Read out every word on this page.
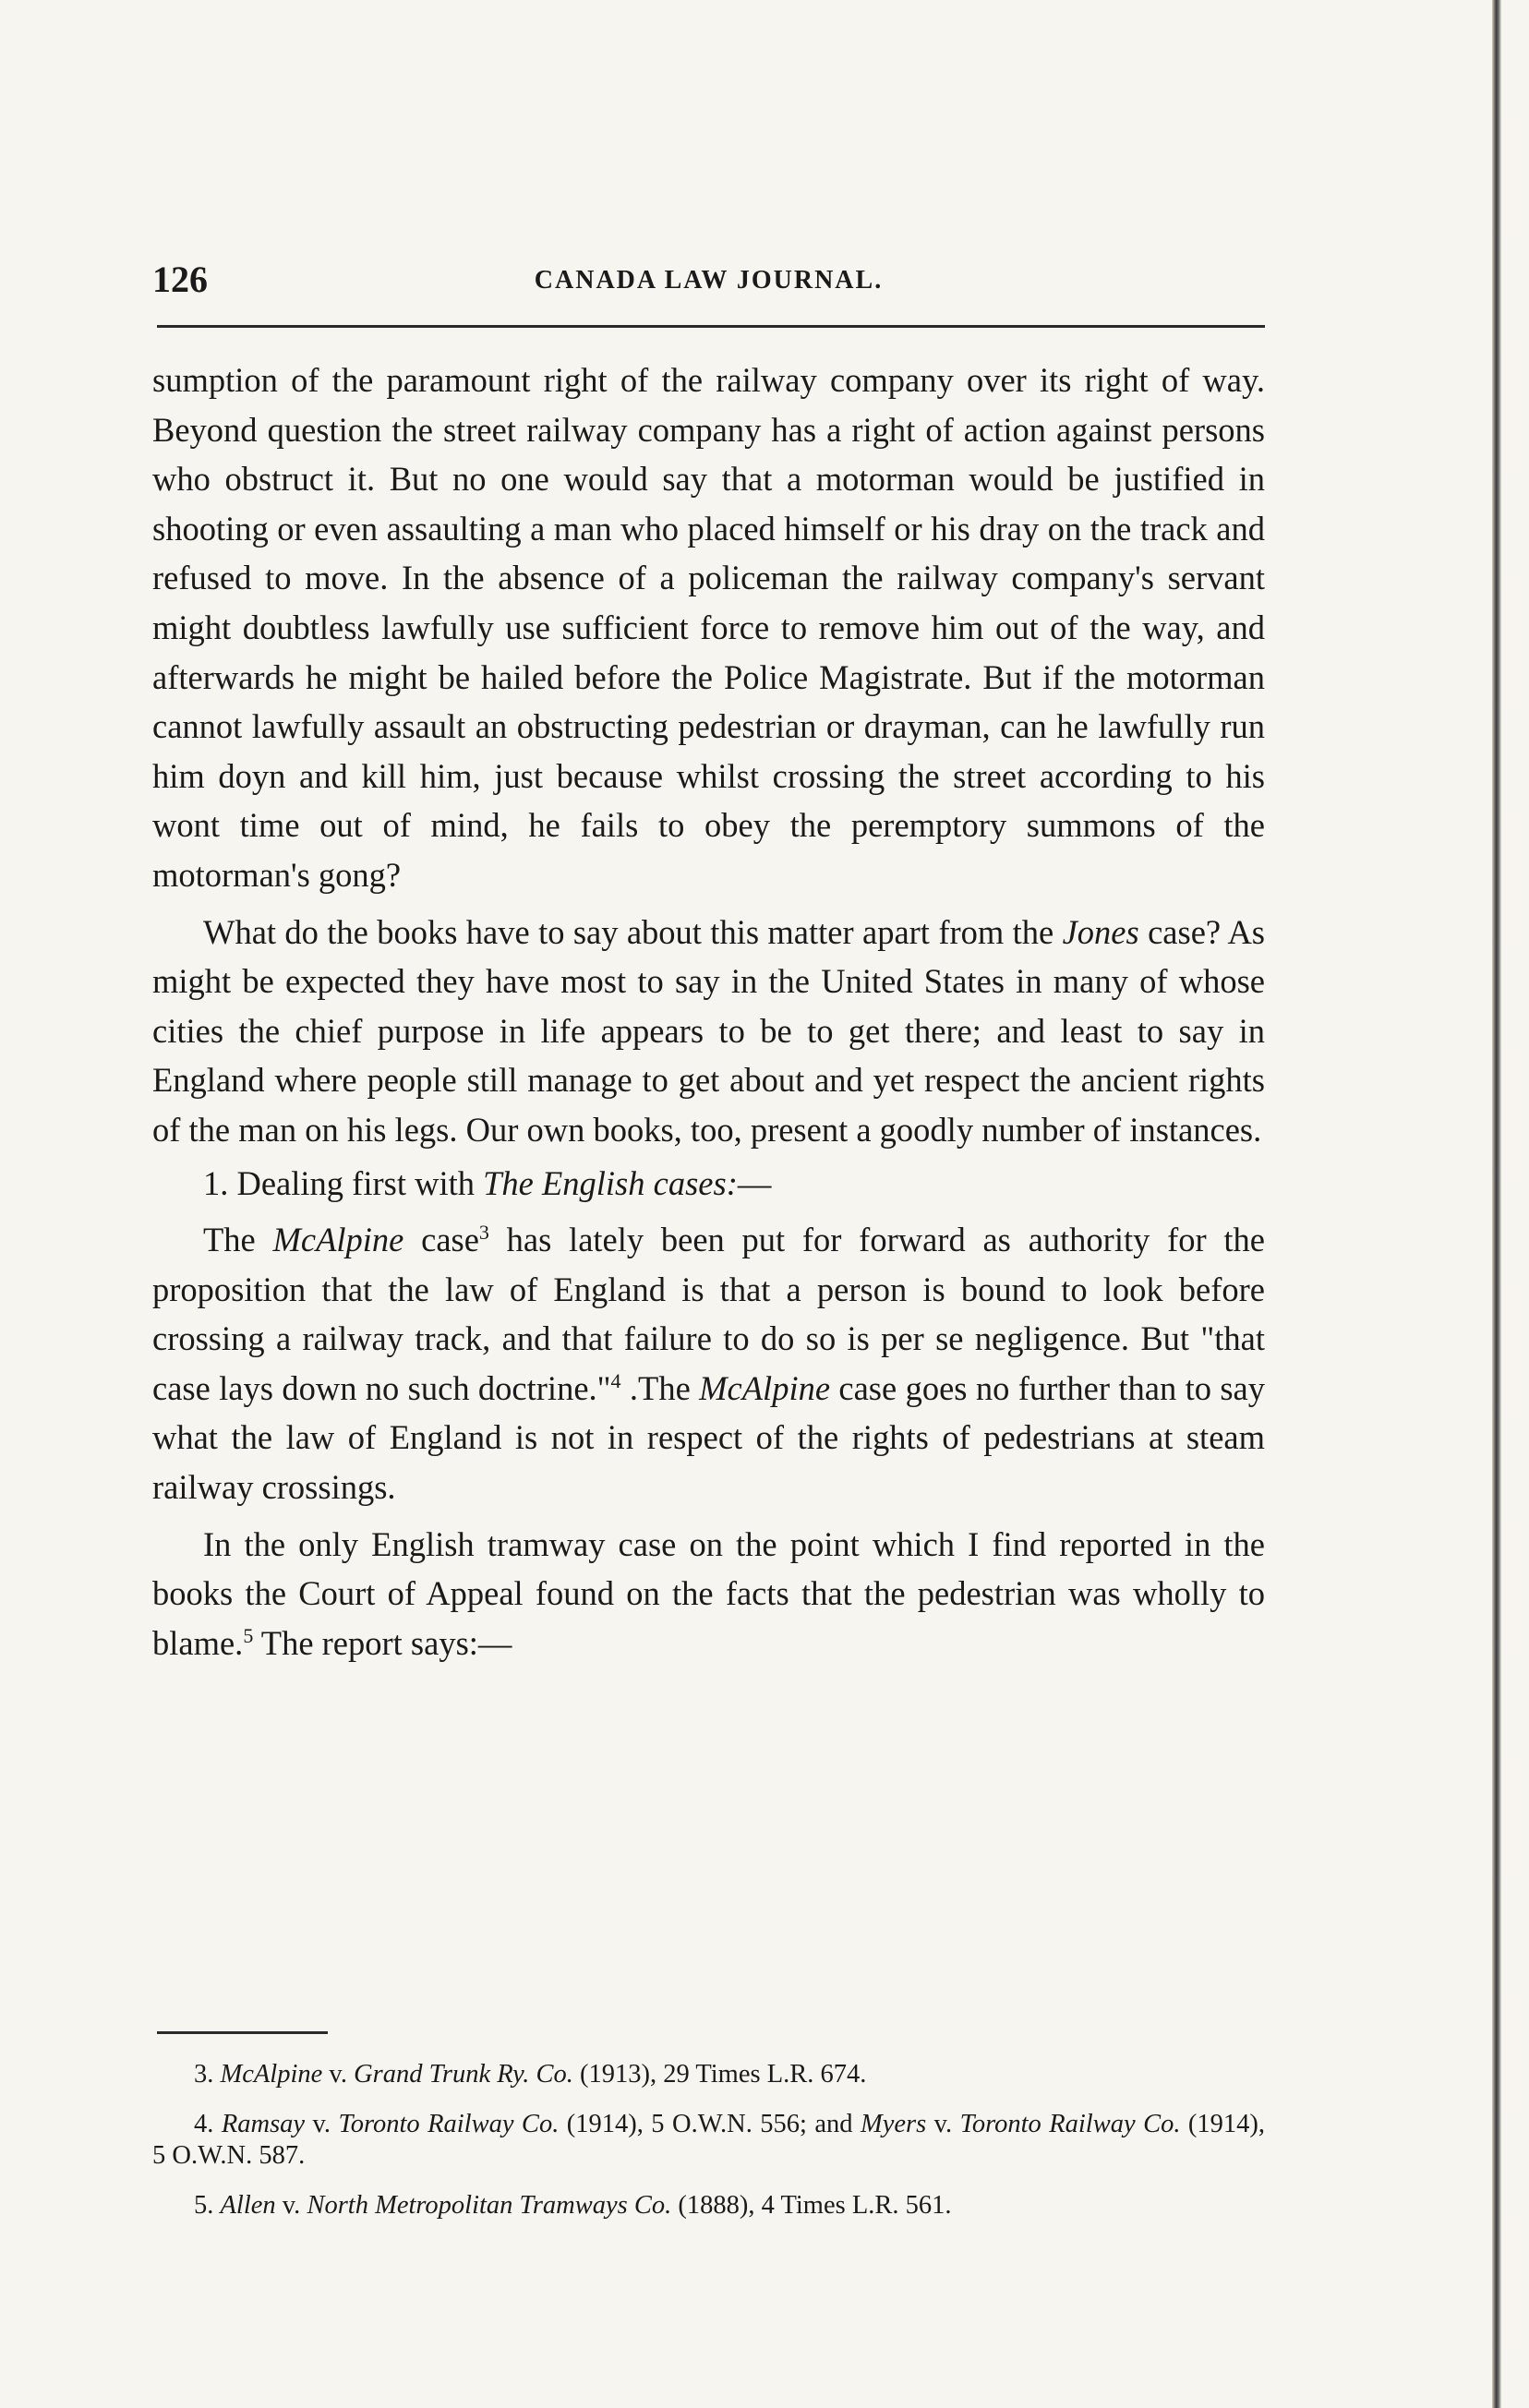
126	CANADA LAW JOURNAL.

sumption of the paramount right of the railway company over its right of way. Beyond question the street railway company has a right of action against persons who obstruct it. But no one would say that a motorman would be justified in shooting or even assaulting a man who placed himself or his dray on the track and refused to move. In the absence of a policeman the railway company's servant might doubtless lawfully use sufficient force to remove him out of the way, and afterwards he might be hailed before the Police Magistrate. But if the motorman cannot lawfully assault an obstructing pedestrian or drayman, can he lawfully run him doyn and kill him, just because whilst crossing the street according to his wont time out of mind, he fails to obey the peremptory summons of the motorman's gong?

What do the books have to say about this matter apart from the Jones case? As might be expected they have most to say in the United States in many of whose cities the chief purpose in life appears to be to get there; and least to say in England where people still manage to get about and yet respect the ancient rights of the man on his legs. Our own books, too, present a goodly number of instances.

1. Dealing first with The English cases:—

The McAlpine case$^3$ has lately been put for forward as authority for the proposition that the law of England is that a person is bound to look before crossing a railway track, and that failure to do so is per se negligence. But "that case lays down no such doctrine."$^4$ .The McAlpine case goes no further than to say what the law of England is not in respect of the rights of pedestrians at steam railway crossings.

In the only English tramway case on the point which I find reported in the books the Court of Appeal found on the facts that the pedestrian was wholly to blame.$^5$ The report says:—

3. McAlpine v. Grand Trunk Ry. Co. (1913), 29 Times L.R. 674.

4. Ramsay v. Toronto Railway Co. (1914), 5 O.W.N. 556; and Myers v. Toronto Railway Co. (1914), 5 O.W.N. 587.

5. Allen v. North Metropolitan Tramways Co. (1888), 4 Times L.R. 561.
